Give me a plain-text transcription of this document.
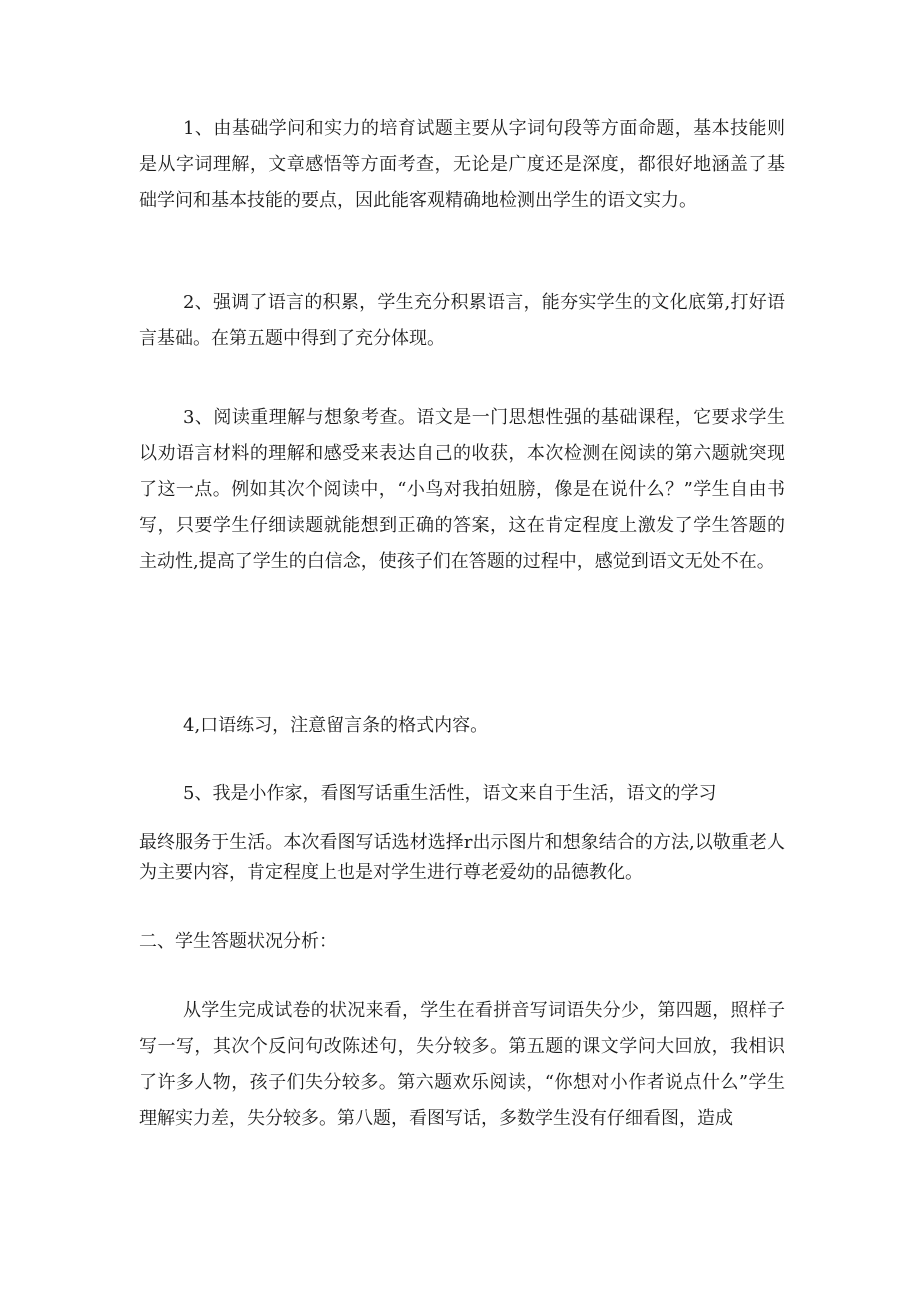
1、由基础学问和实力的培育试题主要从字词句段等方面命题，基本技能则是从字词理解，文章感悟等方面考查，无论是广度还是深度，都很好地涵盖了基础学问和基本技能的要点，因此能客观精确地检测出学生的语文实力。

2、强调了语言的积累，学生充分积累语言，能夯实学生的文化底第,打好语言基础。在第五题中得到了充分体现。

3、阅读重理解与想象考查。语文是一门思想性强的基础课程，它要求学生以劝语言材料的理解和感受来表达自己的收获，本次检测在阅读的第六题就突现了这一点。例如其次个阅读中，“小鸟对我拍妞膀，像是在说什么？”学生自由书写，只要学生仔细读题就能想到正确的答案，这在肯定程度上激发了学生答题的主动性,提高了学生的白信念，使孩子们在答题的过程中，感觉到语文无处不在。

4,口语练习，注意留言条的格式内容。

5、我是小作家，看图写话重生活性，语文来自于生活，语文的学习

最终服务于生活。本次看图写话选材选择r出示图片和想象结合的方法,以敬重老人为主要内容，肯定程度上也是对学生进行尊老爱幼的品德教化。

二、学生答题状况分析：

从学生完成试卷的状况来看，学生在看拼音写词语失分少，第四题，照样子写一写，其次个反问句改陈述句，失分较多。第五题的课文学问大回放，我相识了许多人物，孩子们失分较多。第六题欢乐阅读，“你想对小作者说点什么”学生理解实力差，失分较多。第八题，看图写话，多数学生没有仔细看图，造成
